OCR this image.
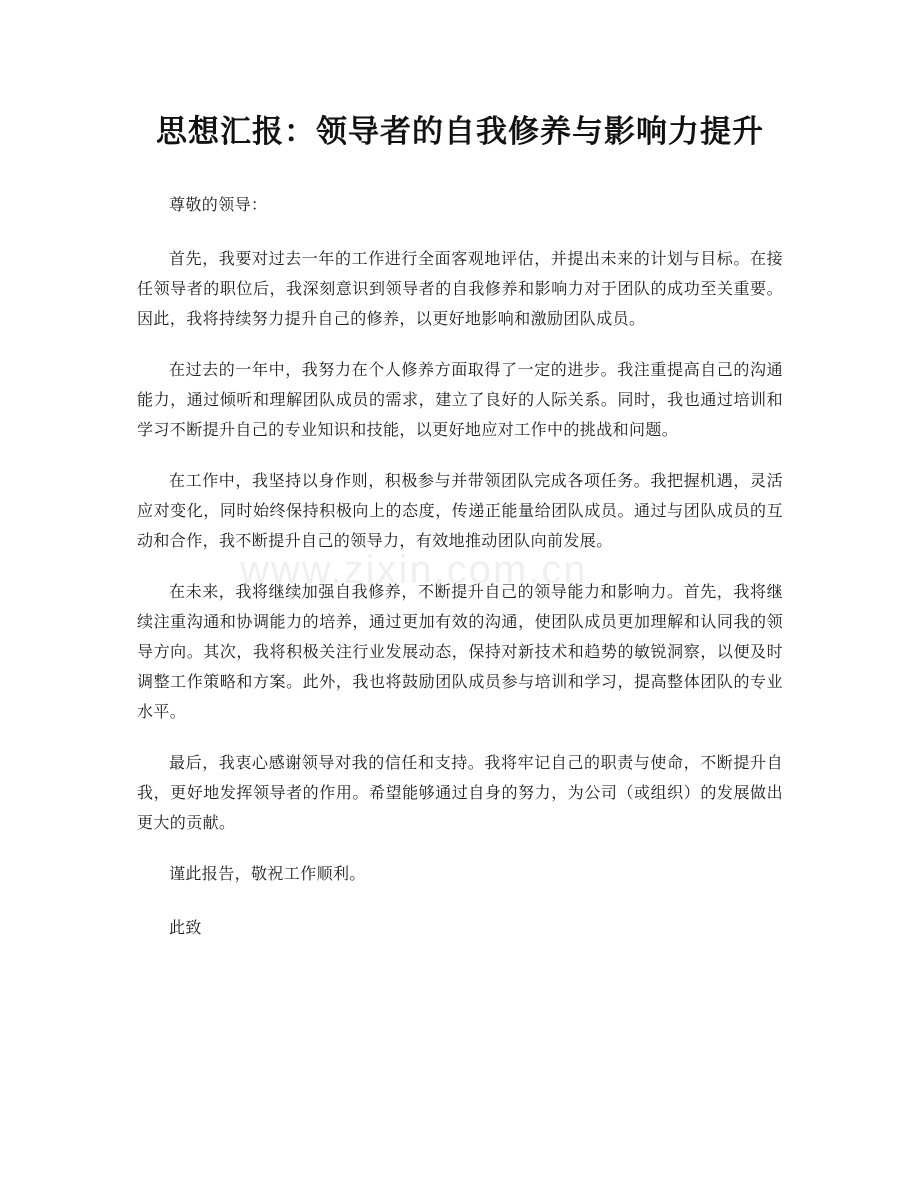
思想汇报：领导者的自我修养与影响力提升

尊敬的领导：

首先，我要对过去一年的工作进行全面客观地评估，并提出未来的计划与目标。在接任领导者的职位后，我深刻意识到领导者的自我修养和影响力对于团队的成功至关重要。因此，我将持续努力提升自己的修养，以更好地影响和激励团队成员。

在过去的一年中，我努力在个人修养方面取得了一定的进步。我注重提高自己的沟通能力，通过倾听和理解团队成员的需求，建立了良好的人际关系。同时，我也通过培训和学习不断提升自己的专业知识和技能，以更好地应对工作中的挑战和问题。

在工作中，我坚持以身作则，积极参与并带领团队完成各项任务。我把握机遇，灵活应对变化，同时始终保持积极向上的态度，传递正能量给团队成员。通过与团队成员的互动和合作，我不断提升自己的领导力，有效地推动团队向前发展。

在未来，我将继续加强自我修养，不断提升自己的领导能力和影响力。首先，我将继续注重沟通和协调能力的培养，通过更加有效的沟通，使团队成员更加理解和认同我的领导方向。其次，我将积极关注行业发展动态，保持对新技术和趋势的敏锐洞察，以便及时调整工作策略和方案。此外，我也将鼓励团队成员参与培训和学习，提高整体团队的专业水平。

最后，我衷心感谢领导对我的信任和支持。我将牢记自己的职责与使命，不断提升自我，更好地发挥领导者的作用。希望能够通过自身的努力，为公司（或组织）的发展做出更大的贡献。

谨此报告，敬祝工作顺利。

此致

www.zixin.com.cn
